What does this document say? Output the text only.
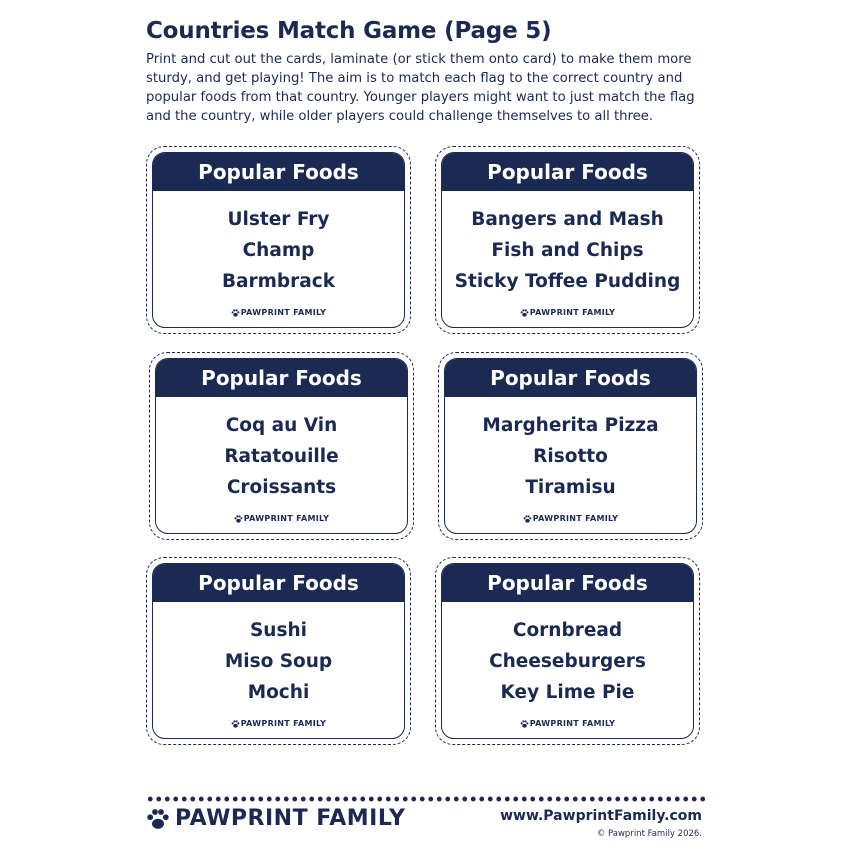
Countries Match Game (Page 5)

Print and cut out the cards, laminate (or stick them onto card) to make them more sturdy, and get playing! The aim is to match each flag to the correct country and popular foods from that country. Younger players might want to just match the flag and the country, while older players could challenge themselves to all three.

Popular Foods
Ulster Fry
Champ
Barmbrack
PAWPRINT FAMILY
Popular Foods
Bangers and Mash
Fish and Chips
Sticky Toffee Pudding
PAWPRINT FAMILY
Popular Foods
Coq au Vin
Ratatouille
Croissants
PAWPRINT FAMILY
Popular Foods
Margherita Pizza
Risotto
Tiramisu
PAWPRINT FAMILY
Popular Foods
Sushi
Miso Soup
Mochi
PAWPRINT FAMILY
Popular Foods
Cornbread
Cheeseburgers
Key Lime Pie
PAWPRINT FAMILY
PAWPRINT FAMILY	www.PawprintFamily.com
© Pawprint Family 2026.
